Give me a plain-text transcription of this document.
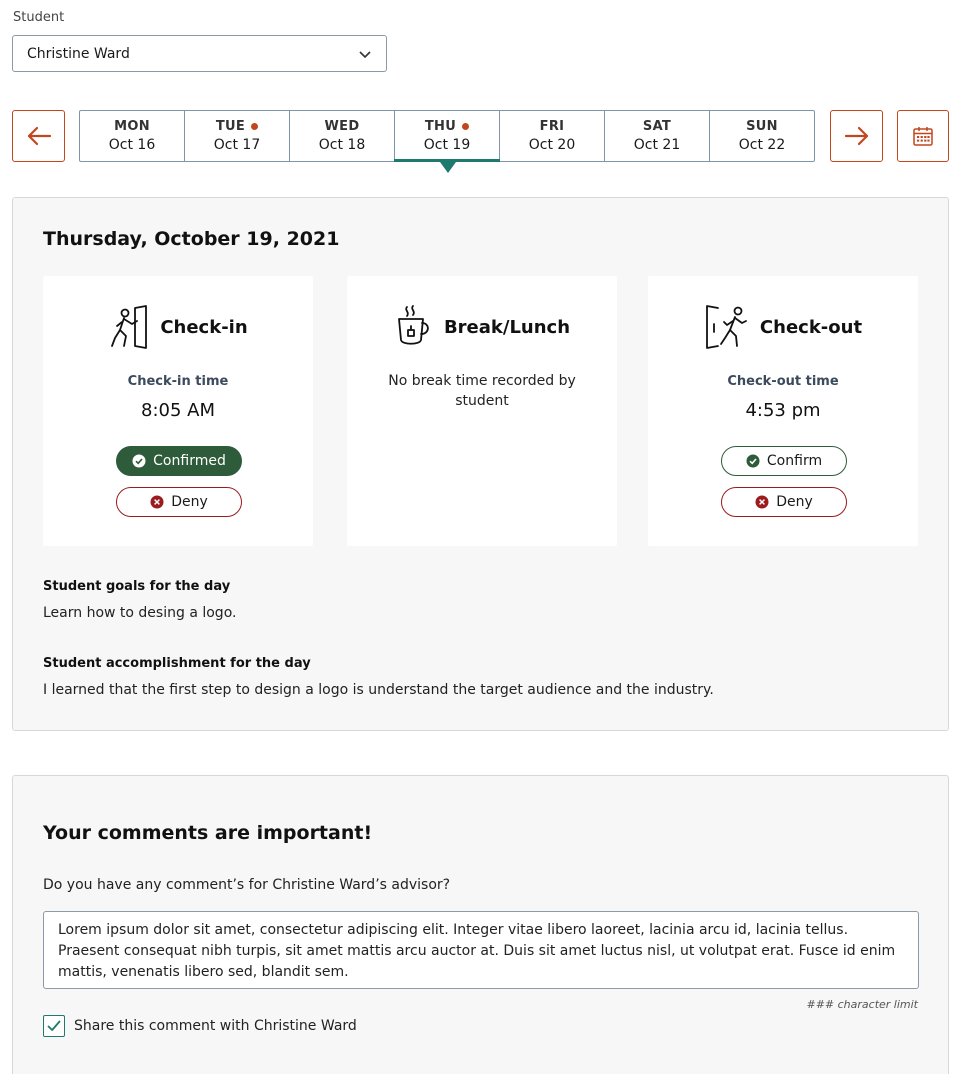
Student
Christine Ward
MON
Oct 16
TUE
Oct 17
WED
Oct 18
THU
Oct 19
FRI
Oct 20
SAT
Oct 21
SUN
Oct 22
Thursday, October 19, 2021
Check-in
Check-in time
8:05 AM
Confirmed
Deny
Break/Lunch
No break time recorded by student
Check-out
Check-out time
4:53 pm
Confirm
Deny
Student goals for the day
Learn how to desing a logo.
Student accomplishment for the day
I learned that the first step to design a logo is understand the target audience and the industry.
Your comments are important!
Do you have any comment’s for Christine Ward’s advisor?
Lorem ipsum dolor sit amet, consectetur adipiscing elit. Integer vitae libero laoreet, lacinia arcu id, lacinia tellus. Praesent consequat nibh turpis, sit amet mattis arcu auctor at. Duis sit amet luctus nisl, ut volutpat erat. Fusce id enim mattis, venenatis libero sed, blandit sem.
### character limit
Share this comment with Christine Ward
